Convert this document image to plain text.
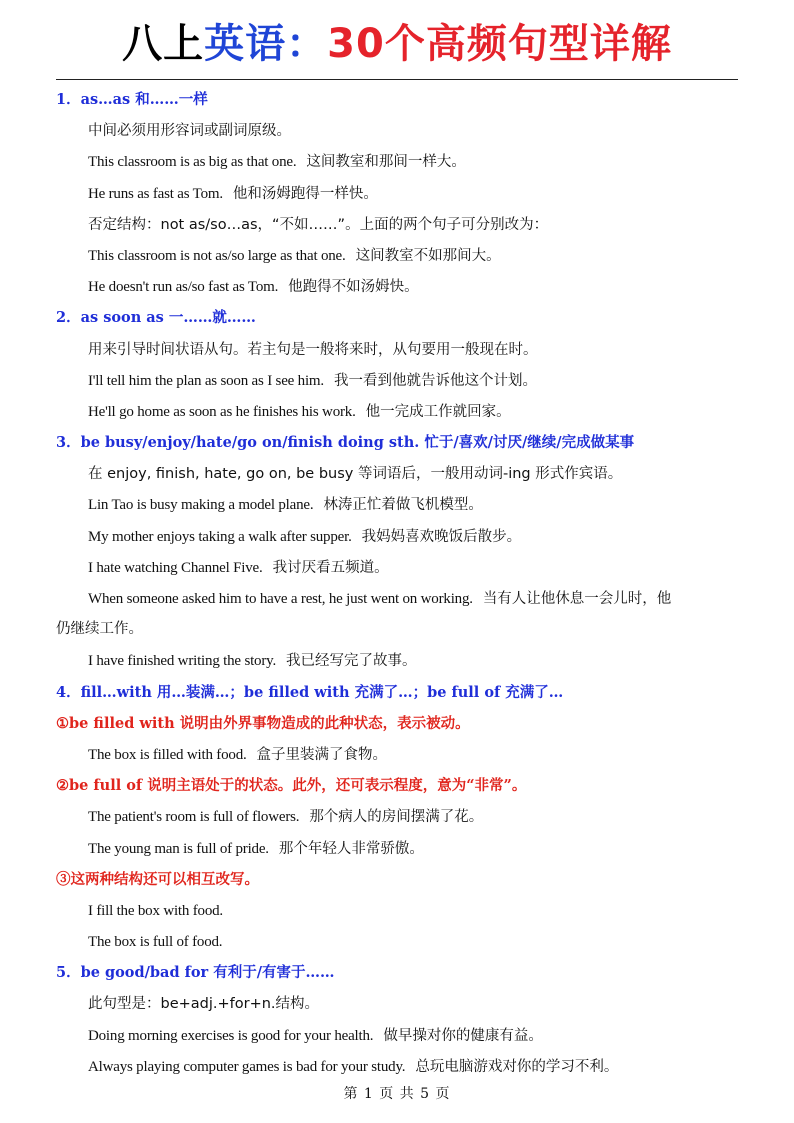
八上英语：30个高频句型详解
1．as…as 和……一样
中间必须用形容词或副词原级。
This classroom is as big as that one. 这间教室和那间一样大。
He runs as fast as Tom. 他和汤姆跑得一样快。
否定结构：not as/so…as，“不如……”。上面的两个句子可分别改为：
This classroom is not as/so large as that one. 这间教室不如那间大。
He doesn't run as/so fast as Tom. 他跑得不如汤姆快。
2．as soon as 一……就……
用来引导时间状语从句。若主句是一般将来时，从句要用一般现在时。
I'll tell him the plan as soon as I see him. 我一看到他就告诉他这个计划。
He'll go home as soon as he finishes his work. 他一完成工作就回家。
3．be busy/enjoy/hate/go on/finish doing sth. 忙于/喜欢/讨厌/继续/完成做某事
在 enjoy, finish, hate, go on, be busy 等词语后，一般用动词-ing 形式作宾语。
Lin Tao is busy making a model plane. 林涛正忙着做飞机模型。
My mother enjoys taking a walk after supper. 我妈妈喜欢晚饭后散步。
I hate watching Channel Five. 我讨厌看五频道。
When someone asked him to have a rest, he just went on working. 当有人让他休息一会儿时，他
仍继续工作。
I have finished writing the story. 我已经写完了故事。
4．fill…with 用…装满…；be filled with 充满了…；be full of 充满了…
①be filled with 说明由外界事物造成的此种状态，表示被动。
The box is filled with food. 盒子里装满了食物。
②be full of 说明主语处于的状态。此外，还可表示程度，意为“非常”。
The patient's room is full of flowers. 那个病人的房间摆满了花。
The young man is full of pride. 那个年轻人非常骄傲。
③这两种结构还可以相互改写。
I fill the box with food.
The box is full of food.
5．be good/bad for 有利于/有害于……
此句型是：be+adj.+for+n.结构。
Doing morning exercises is good for your health. 做早操对你的健康有益。
Always playing computer games is bad for your study. 总玩电脑游戏对你的学习不利。
第 1 页 共 5 页
